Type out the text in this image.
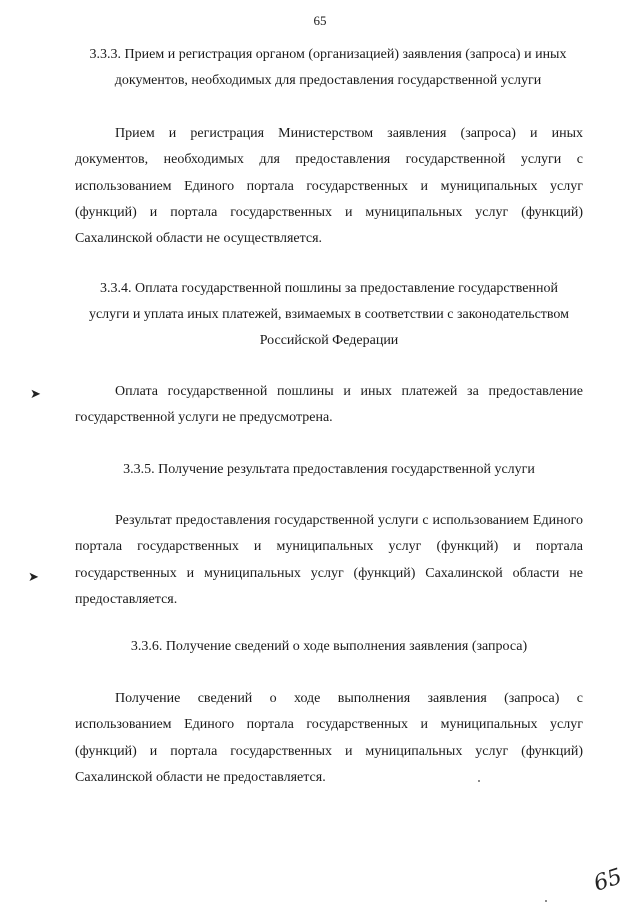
65
3.3.3. Прием и регистрация органом (организацией) заявления (запроса) и иных документов, необходимых для предоставления государственной услуги
Прием и регистрация Министерством заявления (запроса) и иных документов, необходимых для предоставления государственной услуги с использованием Единого портала государственных и муниципальных услуг (функций) и портала государственных и муниципальных услуг (функций) Сахалинской области не осуществляется.
3.3.4. Оплата государственной пошлины за предоставление государственной услуги и уплата иных платежей, взимаемых в соответствии с законодательством Российской Федерации
Оплата государственной пошлины и иных платежей за предоставление государственной услуги не предусмотрена.
3.3.5. Получение результата предоставления государственной услуги
Результат предоставления государственной услуги с использованием Единого портала государственных и муниципальных услуг (функций) и портала государственных и муниципальных услуг (функций) Сахалинской области не предоставляется.
3.3.6. Получение сведений о ходе выполнения заявления (запроса)
Получение сведений о ходе выполнения заявления (запроса) с использованием Единого портала государственных и муниципальных услуг (функций) и портала государственных и муниципальных услуг (функций) Сахалинской области не предоставляется.
➤
➤
65
